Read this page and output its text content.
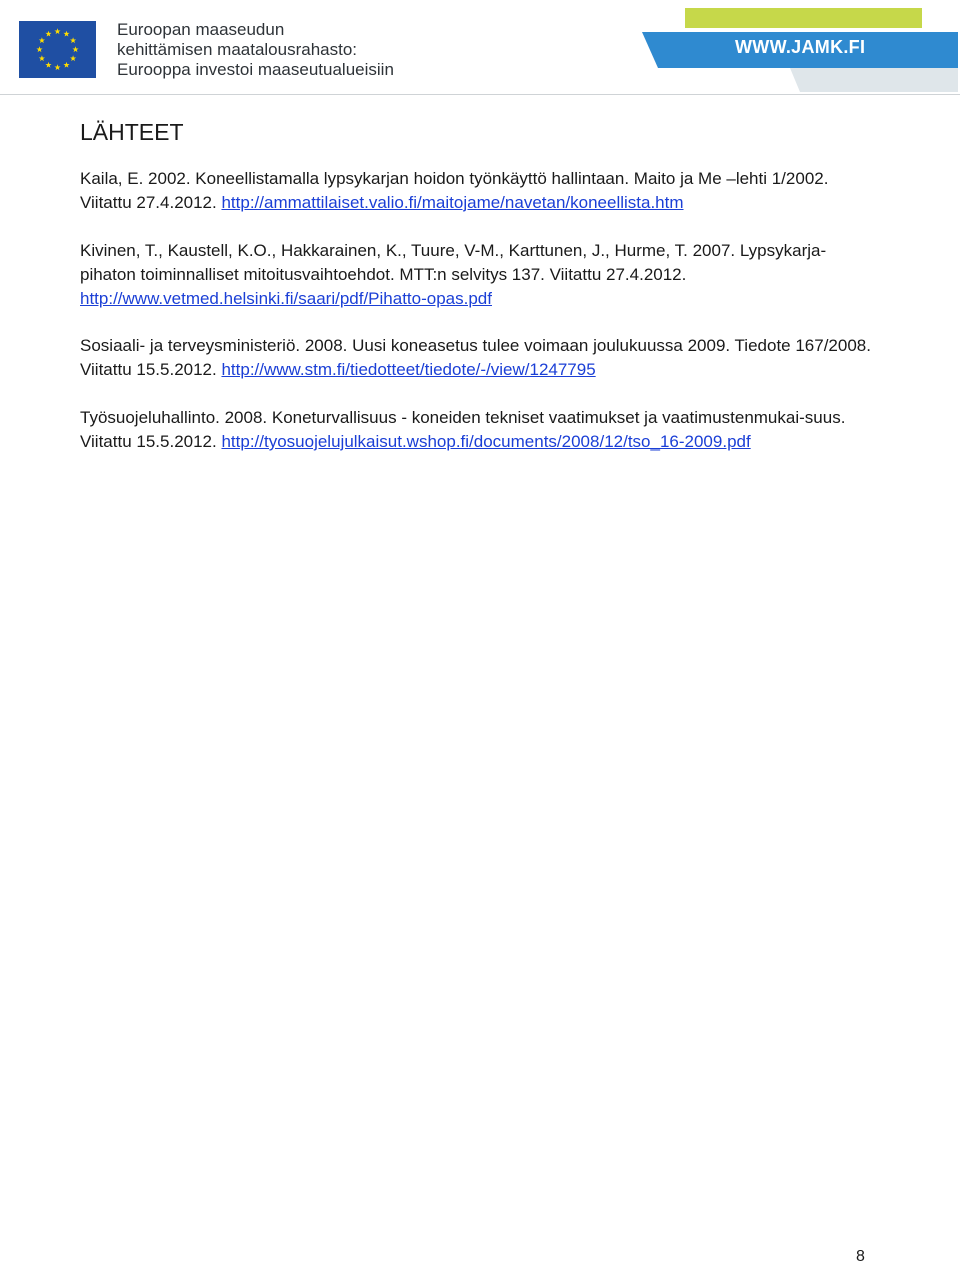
Euroopan maaseudun
kehittämisen maatalousrahasto:
Eurooppa investoi maaseutualueisiin
WWW.JAMK.FI
LÄHTEET

Kaila, E. 2002. Koneellistamalla lypsykarjan hoidon työnkäyttö hallintaan. Maito ja Me –lehti 1/2002. Viitattu 27.4.2012. http://ammattilaiset.valio.fi/maitojame/navetan/koneellista.htm

Kivinen, T., Kaustell, K.O., Hakkarainen, K., Tuure, V-M., Karttunen, J., Hurme, T. 2007. Lypsykarja-pihaton toiminnalliset mitoitusvaihtoehdot. MTT:n selvitys 137. Viitattu 27.4.2012. http://www.vetmed.helsinki.fi/saari/pdf/Pihatto-opas.pdf

Sosiaali- ja terveysministeriö. 2008. Uusi koneasetus tulee voimaan joulukuussa 2009. Tiedote 167/2008. Viitattu 15.5.2012. http://www.stm.fi/tiedotteet/tiedote/-/view/1247795

Työsuojeluhallinto. 2008. Koneturvallisuus - koneiden tekniset vaatimukset ja vaatimustenmukai-suus. Viitattu 15.5.2012. http://tyosuojelujulkaisut.wshop.fi/documents/2008/12/tso_16-2009.pdf

8
